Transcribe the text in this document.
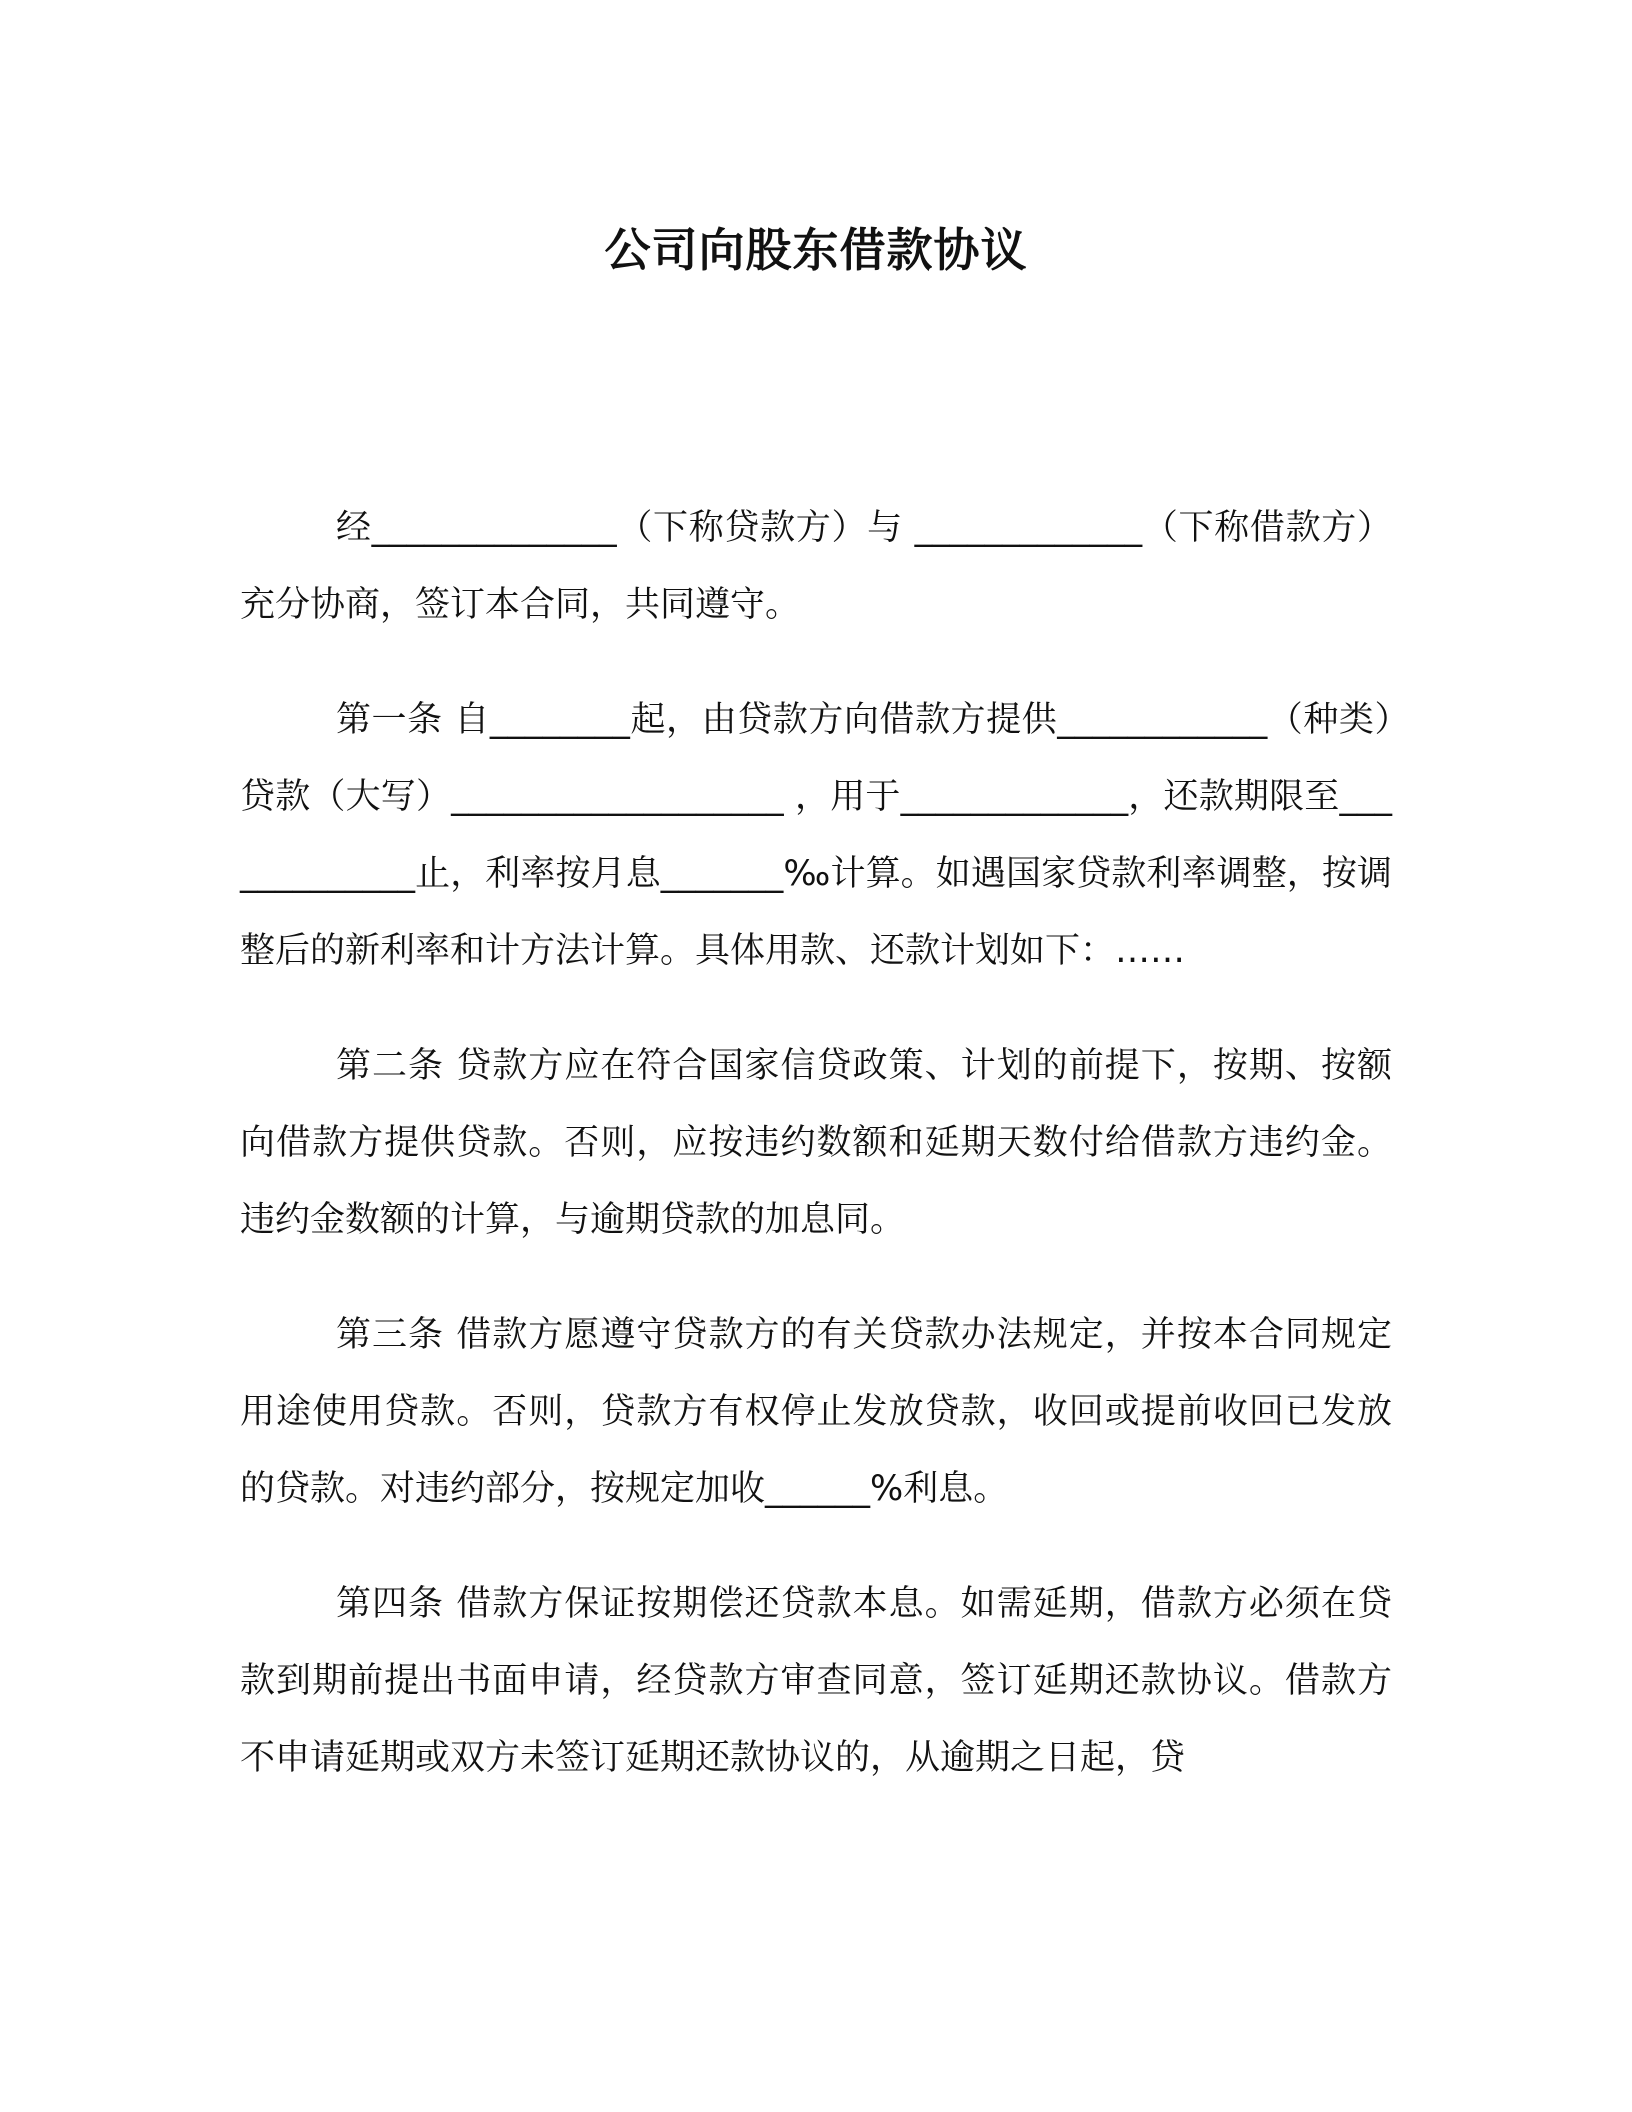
公司向股东借款协议

经______________（下称贷款方）与 _____________（下称借款方）充分协商，签订本合同，共同遵守。

第一条 自________起，由贷款方向借款方提供____________（种类）贷款（大写）___________________ ，用于_____________，还款期限至_____________止，利率按月息_______‰计算。如遇国家贷款利率调整，按调整后的新利率和计方法计算。具体用款、还款计划如下：……

第二条 贷款方应在符合国家信贷政策、计划的前提下，按期、按额向借款方提供贷款。否则，应按违约数额和延期天数付给借款方违约金。违约金数额的计算，与逾期贷款的加息同。

第三条 借款方愿遵守贷款方的有关贷款办法规定，并按本合同规定用途使用贷款。否则，贷款方有权停止发放贷款，收回或提前收回已发放的贷款。对违约部分，按规定加收______%利息。

第四条 借款方保证按期偿还贷款本息。如需延期，借款方必须在贷款到期前提出书面申请，经贷款方审查同意，签订延期还款协议。借款方不申请延期或双方未签订延期还款协议的，从逾期之日起，贷
